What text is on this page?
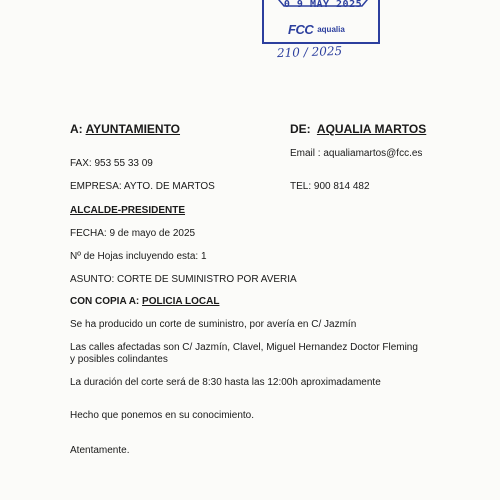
0 9 MAY 2025
FCC aqualia
210 / 2025
A: AYUNTAMIENTO	DE: AQUALIA MARTOS
Email : aqualiamartos@fcc.es
FAX: 953 55 33 09
EMPRESA: AYTO. DE MARTOS	TEL: 900 814 482
ALCALDE-PRESIDENTE
FECHA: 9 de mayo de 2025
Nº de Hojas incluyendo esta: 1
ASUNTO: CORTE DE SUMINISTRO POR AVERIA
CON COPIA A: POLICIA LOCAL
Se ha producido un corte de suministro, por avería en C/ Jazmín
Las calles afectadas son C/ Jazmín, Clavel, Miguel Hernandez Doctor Fleming
y posibles colindantes
La duración del corte será de 8:30 hasta las 12:00h aproximadamente
Hecho que ponemos en su conocimiento.
Atentamente.
